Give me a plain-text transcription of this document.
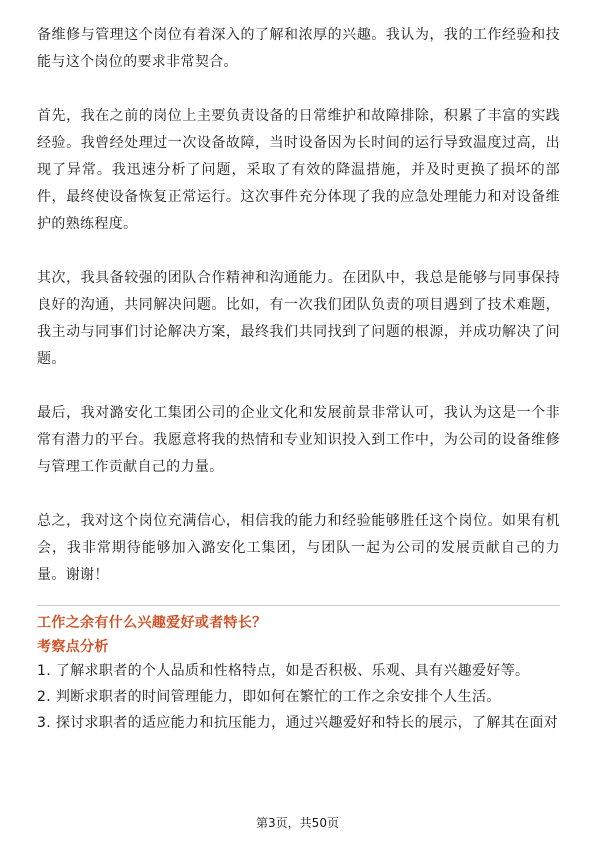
备维修与管理这个岗位有着深入的了解和浓厚的兴趣。我认为，我的工作经验和技能与这个岗位的要求非常契合。

首先，我在之前的岗位上主要负责设备的日常维护和故障排除，积累了丰富的实践经验。我曾经处理过一次设备故障，当时设备因为长时间的运行导致温度过高，出现了异常。我迅速分析了问题，采取了有效的降温措施，并及时更换了损坏的部件，最终使设备恢复正常运行。这次事件充分体现了我的应急处理能力和对设备维护的熟练程度。

其次，我具备较强的团队合作精神和沟通能力。在团队中，我总是能够与同事保持良好的沟通，共同解决问题。比如，有一次我们团队负责的项目遇到了技术难题，我主动与同事们讨论解决方案，最终我们共同找到了问题的根源，并成功解决了问题。

最后，我对潞安化工集团公司的企业文化和发展前景非常认可，我认为这是一个非常有潜力的平台。我愿意将我的热情和专业知识投入到工作中，为公司的设备维修与管理工作贡献自己的力量。

总之，我对这个岗位充满信心，相信我的能力和经验能够胜任这个岗位。如果有机会，我非常期待能够加入潞安化工集团，与团队一起为公司的发展贡献自己的力量。谢谢！

工作之余有什么兴趣爱好或者特长？

考察点分析

1. 了解求职者的个人品质和性格特点，如是否积极、乐观、具有兴趣爱好等。

2. 判断求职者的时间管理能力，即如何在繁忙的工作之余安排个人生活。

3. 探讨求职者的适应能力和抗压能力，通过兴趣爱好和特长的展示，了解其在面对

第3页，共50页
